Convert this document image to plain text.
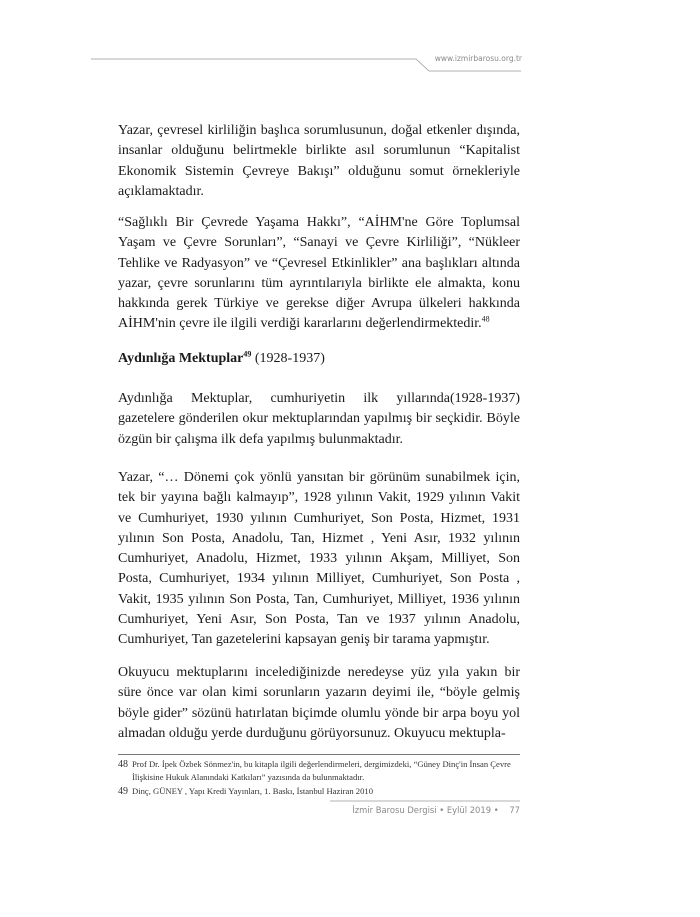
www.izmirbarosu.org.tr

Yazar, çevresel kirliliğin başlıca sorumlusunun, doğal etkenler dışında, insanlar olduğunu belirtmekle birlikte asıl sorumlunun “Kapitalist Ekonomik Sistemin Çevreye Bakışı” olduğunu somut örnekleriyle açıklamaktadır.

“Sağlıklı Bir Çevrede Yaşama Hakkı”, “AİHM'ne Göre Toplumsal Yaşam ve Çevre Sorunları”, “Sanayi ve Çevre Kirliliği”, “Nükleer Tehlike ve Radyasyon” ve “Çevresel Etkinlikler” ana başlıkları altında yazar, çevre sorunlarını tüm ayrıntılarıyla birlikte ele almakta, konu hakkında gerek Türkiye ve gerekse diğer Avrupa ülkeleri hakkında AİHM'nin çevre ile ilgili verdiği kararlarını değerlendirmektedir.$^{48}$

Aydınlığa Mektuplar$^{49}$ (1928-1937)

Aydınlığa Mektuplar, cumhuriyetin ilk yıllarında(1928-1937) gazetelere gönderilen okur mektuplarından yapılmış bir seçkidir. Böyle özgün bir çalışma ilk defa yapılmış bulunmaktadır.

Yazar, “… Dönemi çok yönlü yansıtan bir görünüm sunabilmek için, tek bir yayına bağlı kalmayıp”, 1928 yılının Vakit, 1929 yılının Vakit ve Cumhuriyet, 1930 yılının Cumhuriyet, Son Posta, Hizmet, 1931 yılının Son Posta, Anadolu, Tan, Hizmet , Yeni Asır, 1932 yılının Cumhuriyet, Anadolu, Hizmet, 1933 yılının Akşam, Milliyet, Son Posta, Cumhuriyet, 1934 yılının Milliyet, Cumhuriyet, Son Posta , Vakit, 1935 yılının Son Posta, Tan, Cumhuriyet, Milliyet, 1936 yılının Cumhuriyet, Yeni Asır, Son Posta, Tan ve 1937 yılının Anadolu, Cumhuriyet, Tan gazetelerini kapsayan geniş bir tarama yapmıştır.

Okuyucu mektuplarını incelediğinizde neredeyse yüz yıla yakın bir süre önce var olan kimi sorunların yazarın deyimi ile, “böyle gelmiş böyle gider” sözünü hatırlatan biçimde olumlu yönde bir arpa boyu yol almadan olduğu yerde durduğunu görüyorsunuz. Okuyucu mektupla-

48 Prof Dr. İpek Özbek Sönmez'in, bu kitapla ilgili değerlendirmeleri, dergimizdeki, “Güney Dinç'in İnsan Çevre İlişkisine Hukuk Alanındaki Katkıları” yazısında da bulunmaktadır.
49 Dinç, GÜNEY , Yapı Kredi Yayınları, 1. Baskı, İstanbul Haziran 2010
İzmir Barosu Dergisi • Eylül 2019 • 77
